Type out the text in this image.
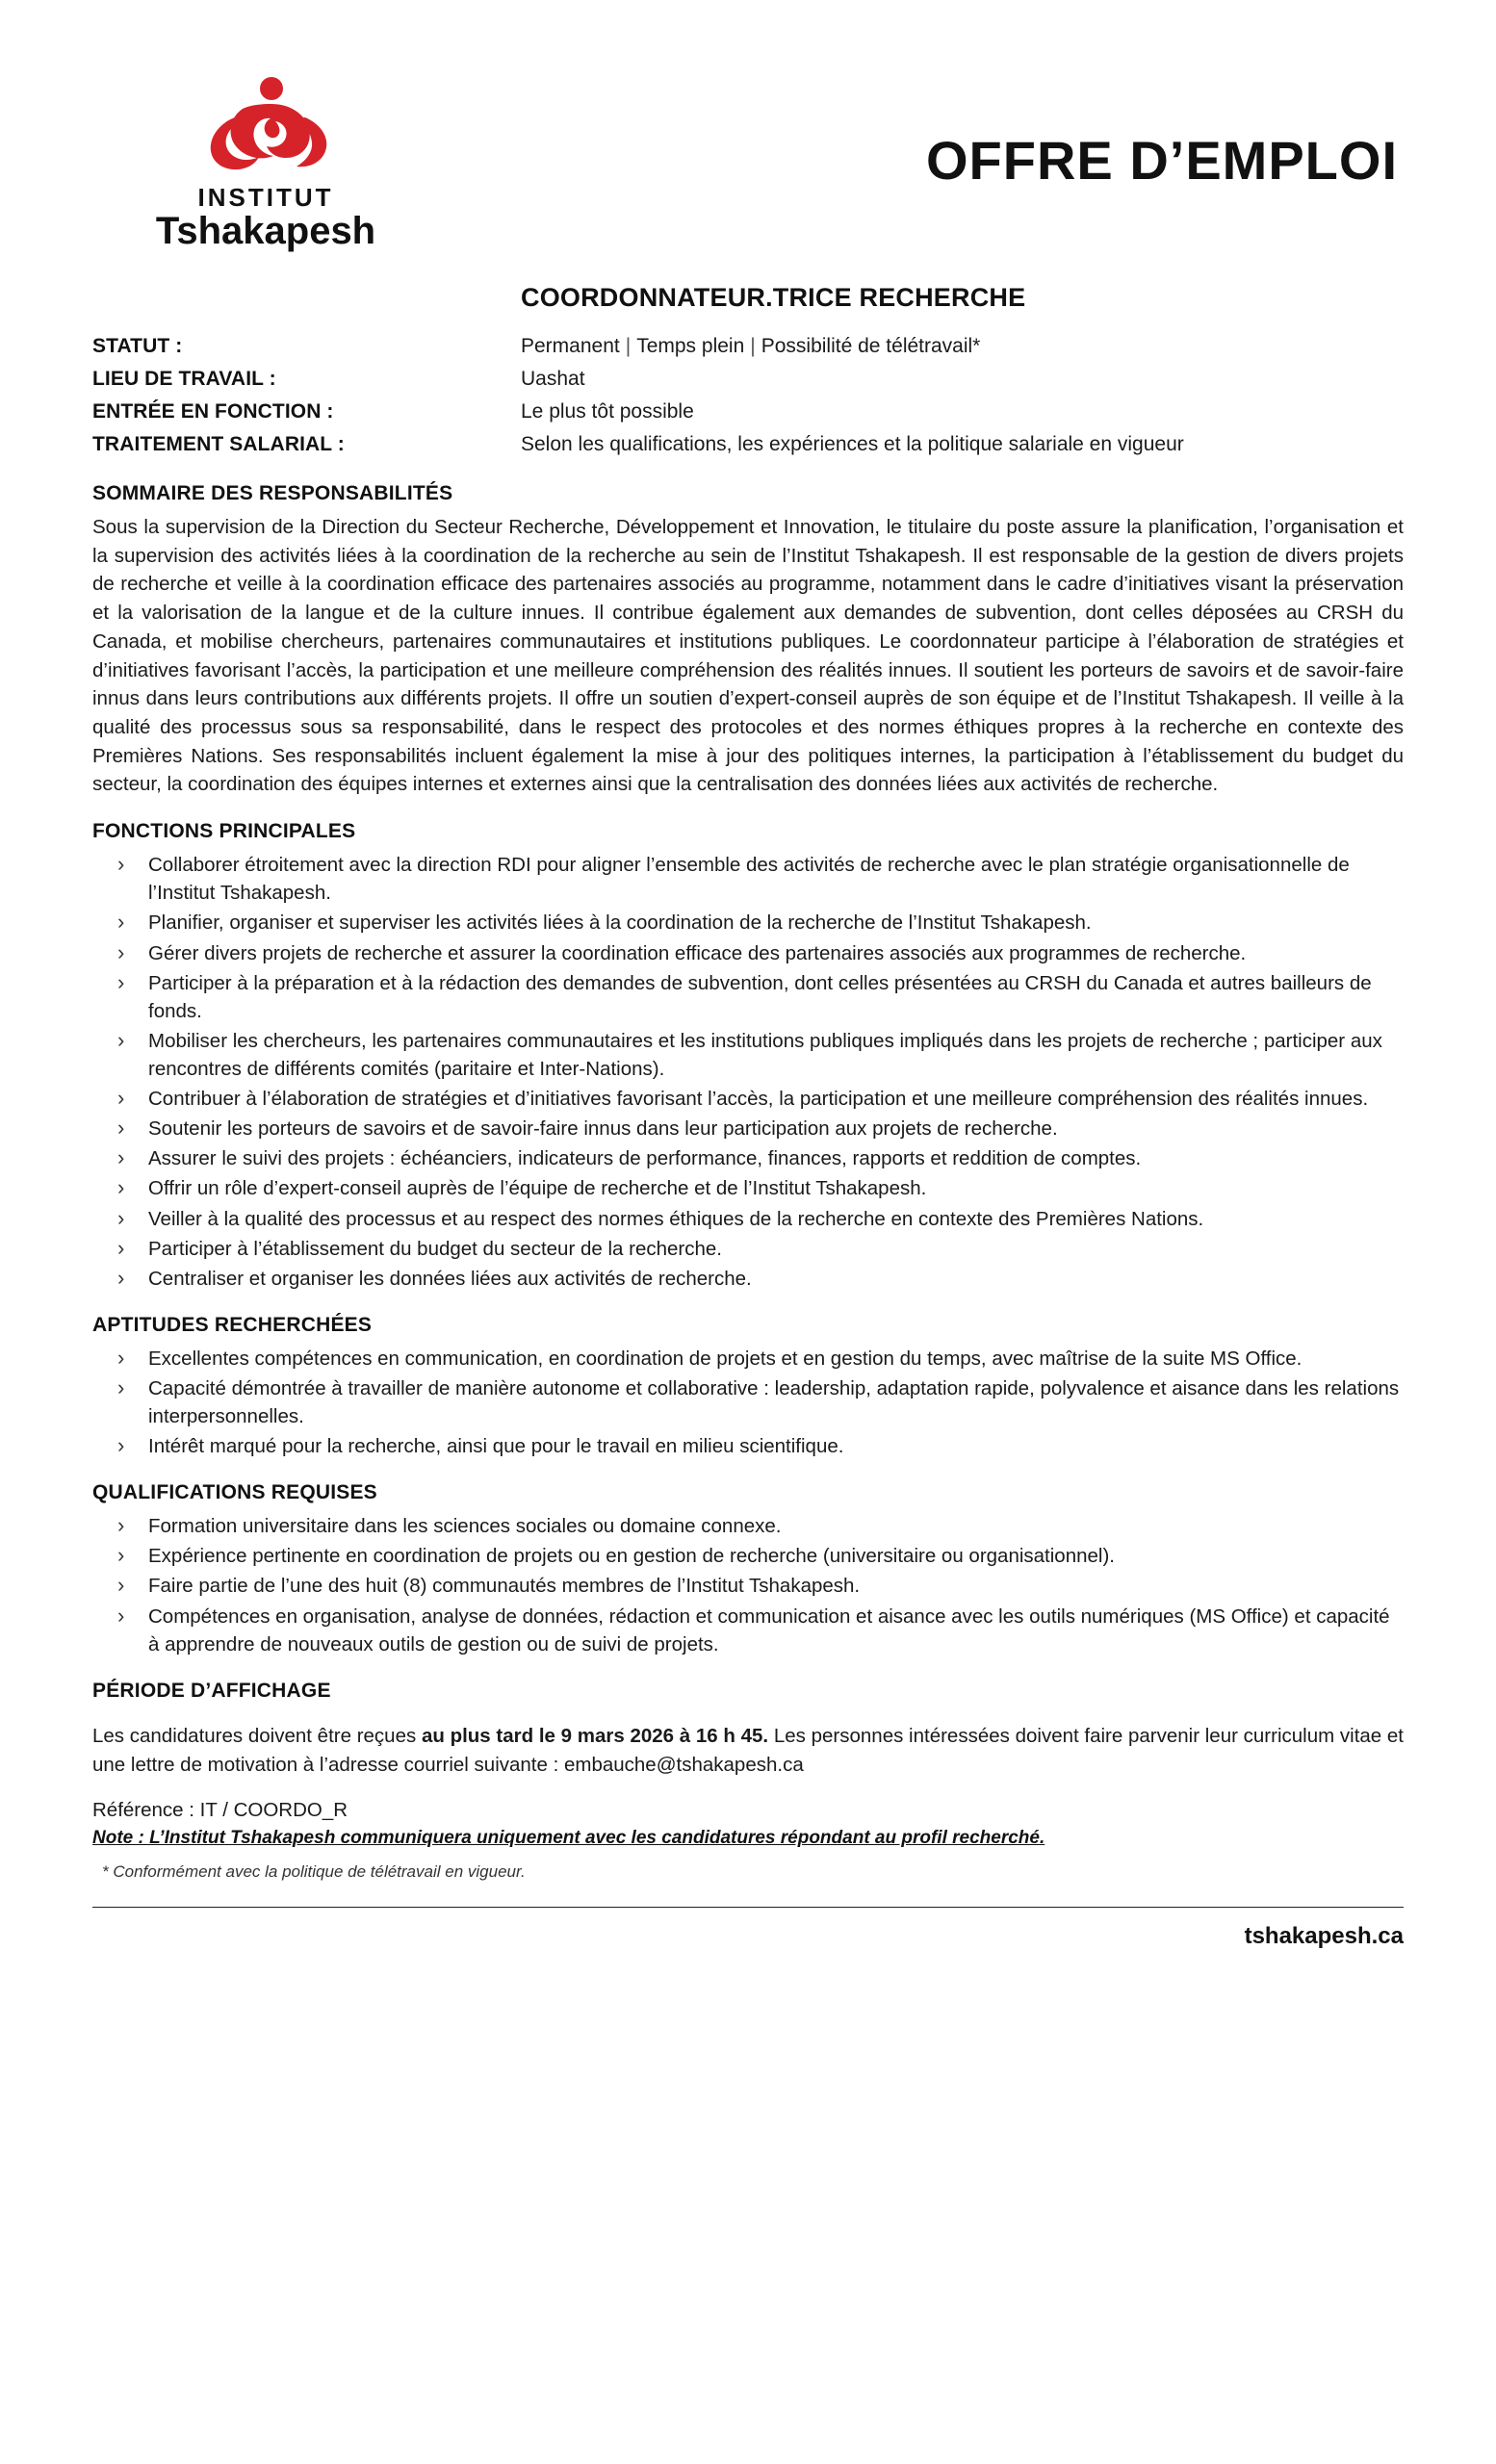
INSTITUT
Tshakapesh
OFFRE D’EMPLOI
COORDONNATEUR.TRICE RECHERCHE
STATUT :	Permanent | Temps plein | Possibilité de télétravail*
LIEU DE TRAVAIL :	Uashat
ENTRÉE EN FONCTION :	Le plus tôt possible
TRAITEMENT SALARIAL :	Selon les qualifications, les expériences et la politique salariale en vigueur
SOMMAIRE DES RESPONSABILITÉS

Sous la supervision de la Direction du Secteur Recherche, Développement et Innovation, le titulaire du poste assure la planification, l’organisation et la supervision des activités liées à la coordination de la recherche au sein de l’Institut Tshakapesh. Il est responsable de la gestion de divers projets de recherche et veille à la coordination efficace des partenaires associés au programme, notamment dans le cadre d’initiatives visant la préservation et la valorisation de la langue et de la culture innues. Il contribue également aux demandes de subvention, dont celles déposées au CRSH du Canada, et mobilise chercheurs, partenaires communautaires et institutions publiques. Le coordonnateur participe à l’élaboration de stratégies et d’initiatives favorisant l’accès, la participation et une meilleure compréhension des réalités innues. Il soutient les porteurs de savoirs et de savoir-faire innus dans leurs contributions aux différents projets. Il offre un soutien d’expert-conseil auprès de son équipe et de l’Institut Tshakapesh. Il veille à la qualité des processus sous sa responsabilité, dans le respect des protocoles et des normes éthiques propres à la recherche en contexte des Premières Nations. Ses responsabilités incluent également la mise à jour des politiques internes, la participation à l’établissement du budget du secteur, la coordination des équipes internes et externes ainsi que la centralisation des données liées aux activités de recherche.

FONCTIONS PRINCIPALES
› Collaborer étroitement avec la direction RDI pour aligner l’ensemble des activités de recherche avec le plan stratégie organisationnelle de l’Institut Tshakapesh.
› Planifier, organiser et superviser les activités liées à la coordination de la recherche de l’Institut Tshakapesh.
› Gérer divers projets de recherche et assurer la coordination efficace des partenaires associés aux programmes de recherche.
› Participer à la préparation et à la rédaction des demandes de subvention, dont celles présentées au CRSH du Canada et autres bailleurs de fonds.
› Mobiliser les chercheurs, les partenaires communautaires et les institutions publiques impliqués dans les projets de recherche ; participer aux rencontres de différents comités (paritaire et Inter-Nations).
› Contribuer à l’élaboration de stratégies et d’initiatives favorisant l’accès, la participation et une meilleure compréhension des réalités innues.
› Soutenir les porteurs de savoirs et de savoir-faire innus dans leur participation aux projets de recherche.
› Assurer le suivi des projets : échéanciers, indicateurs de performance, finances, rapports et reddition de comptes.
› Offrir un rôle d’expert-conseil auprès de l’équipe de recherche et de l’Institut Tshakapesh.
› Veiller à la qualité des processus et au respect des normes éthiques de la recherche en contexte des Premières Nations.
› Participer à l’établissement du budget du secteur de la recherche.
› Centraliser et organiser les données liées aux activités de recherche.
APTITUDES RECHERCHÉES
› Excellentes compétences en communication, en coordination de projets et en gestion du temps, avec maîtrise de la suite MS Office.
› Capacité démontrée à travailler de manière autonome et collaborative : leadership, adaptation rapide, polyvalence et aisance dans les relations interpersonnelles.
› Intérêt marqué pour la recherche, ainsi que pour le travail en milieu scientifique.
QUALIFICATIONS REQUISES
› Formation universitaire dans les sciences sociales ou domaine connexe.
› Expérience pertinente en coordination de projets ou en gestion de recherche (universitaire ou organisationnel).
› Faire partie de l’une des huit (8) communautés membres de l’Institut Tshakapesh.
› Compétences en organisation, analyse de données, rédaction et communication et aisance avec les outils numériques (MS Office) et capacité à apprendre de nouveaux outils de gestion ou de suivi de projets.
PÉRIODE D’AFFICHAGE

Les candidatures doivent être reçues au plus tard le 9 mars 2026 à 16 h 45. Les personnes intéressées doivent faire parvenir leur curriculum vitae et une lettre de motivation à l’adresse courriel suivante : embauche@tshakapesh.ca

Référence : IT / COORDO_R
Note : L’Institut Tshakapesh communiquera uniquement avec les candidatures répondant au profil recherché.
* Conformément avec la politique de télétravail en vigueur.
tshakapesh.ca
